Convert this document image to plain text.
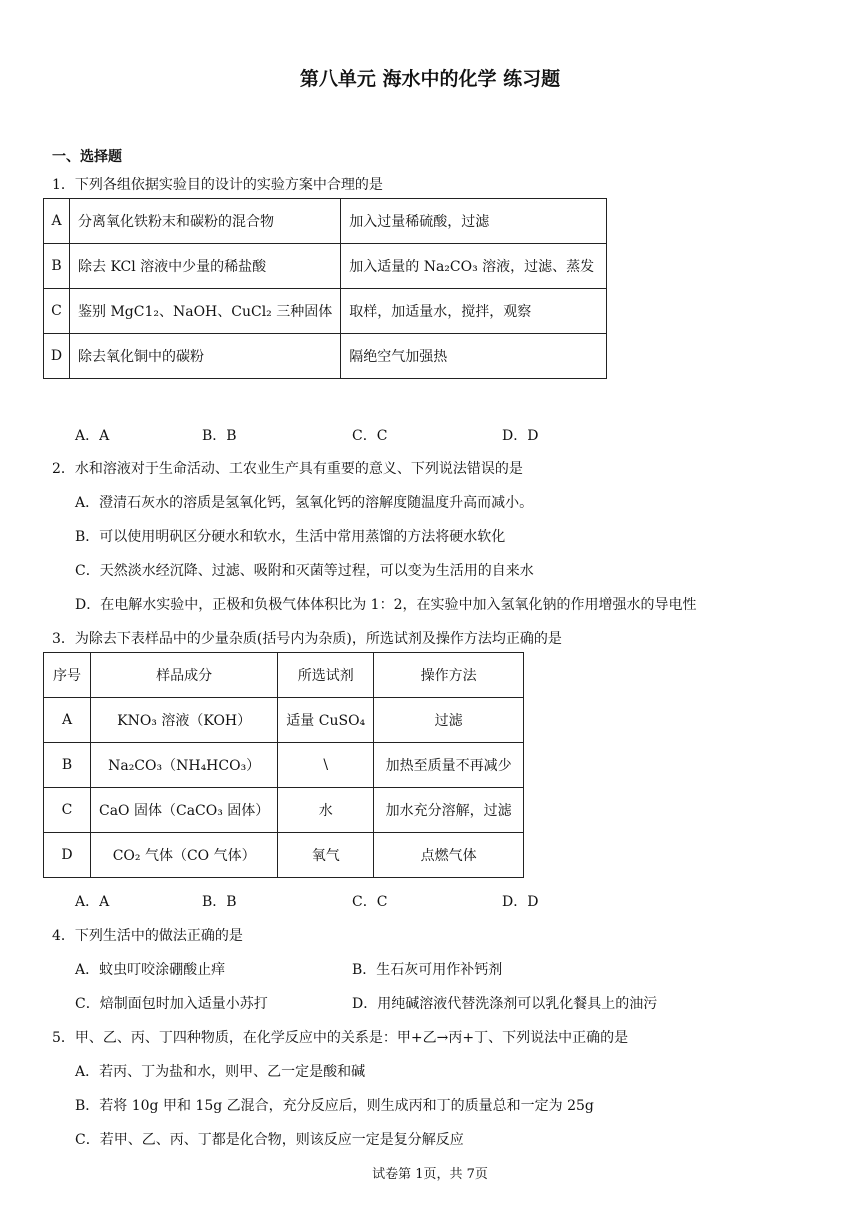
第八单元 海水中的化学 练习题
一、选择题
1．下列各组依据实验目的设计的实验方案中合理的是
A	分离氧化铁粉末和碳粉的混合物	加入过量稀硫酸，过滤
B	除去 KCl 溶液中少量的稀盐酸	加入适量的 Na₂CO₃ 溶液，过滤、蒸发
C	鉴别 MgC1₂、NaOH、CuCl₂ 三种固体	取样，加适量水，搅拌，观察
D	除去氧化铜中的碳粉	隔绝空气加强热
A．A	B．B	C．C	D．D
2．水和溶液对于生命活动、工农业生产具有重要的意义、下列说法错误的是
A．澄清石灰水的溶质是氢氧化钙，氢氧化钙的溶解度随温度升高而减小。
B．可以使用明矾区分硬水和软水，生活中常用蒸馏的方法将硬水软化
C．天然淡水经沉降、过滤、吸附和灭菌等过程，可以变为生活用的自来水
D．在电解水实验中，正极和负极气体体积比为 1：2，在实验中加入氢氧化钠的作用增强水的导电性
3．为除去下表样品中的少量杂质(括号内为杂质)，所选试剂及操作方法均正确的是
序号	样品成分	所选试剂	操作方法
A	KNO₃ 溶液（KOH）	适量 CuSO₄	过滤
B	Na₂CO₃（NH₄HCO₃）	\	加热至质量不再减少
C	CaO 固体（CaCO₃ 固体）	水	加水充分溶解，过滤
D	CO₂ 气体（CO 气体）	氧气	点燃气体
A．A	B．B	C．C	D．D
4．下列生活中的做法正确的是
A．蚊虫叮咬涂硼酸止痒	B．生石灰可用作补钙剂
C．焙制面包时加入适量小苏打	D．用纯碱溶液代替洗涤剂可以乳化餐具上的油污
5．甲、乙、丙、丁四种物质，在化学反应中的关系是：甲+乙→丙+丁、下列说法中正确的是
A．若丙、丁为盐和水，则甲、乙一定是酸和碱
B．若将 10g 甲和 15g 乙混合，充分反应后，则生成丙和丁的质量总和一定为 25g
C．若甲、乙、丙、丁都是化合物，则该反应一定是复分解反应
试卷第 1页，共 7页
